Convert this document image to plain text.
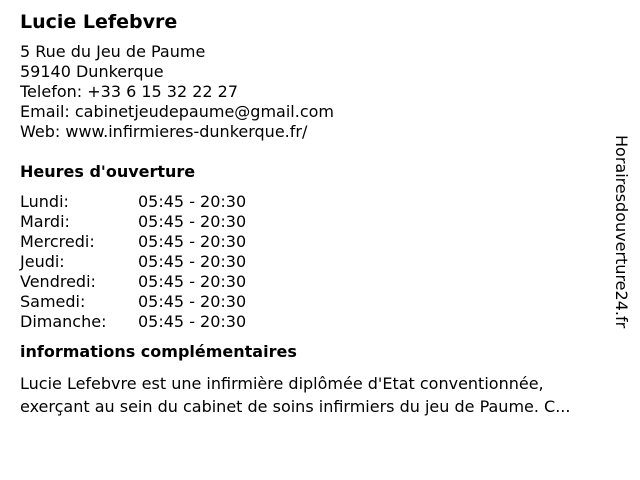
Lucie Lefebvre
5 Rue du Jeu de Paume
59140 Dunkerque
Telefon: +33 6 15 32 22 27
Email: cabinetjeudepaume@gmail.com
Web: www.infirmieres-dunkerque.fr/
Heures d'ouverture
Lundi:	05:45 - 20:30
Mardi:	05:45 - 20:30
Mercredi:	05:45 - 20:30
Jeudi:	05:45 - 20:30
Vendredi:	05:45 - 20:30
Samedi:	05:45 - 20:30
Dimanche:	05:45 - 20:30
informations complémentaires
Lucie Lefebvre est une infirmière diplômée d'Etat conventionnée,
exerçant au sein du cabinet de soins infirmiers du jeu de Paume. C...
Horairesdouverture24.fr
